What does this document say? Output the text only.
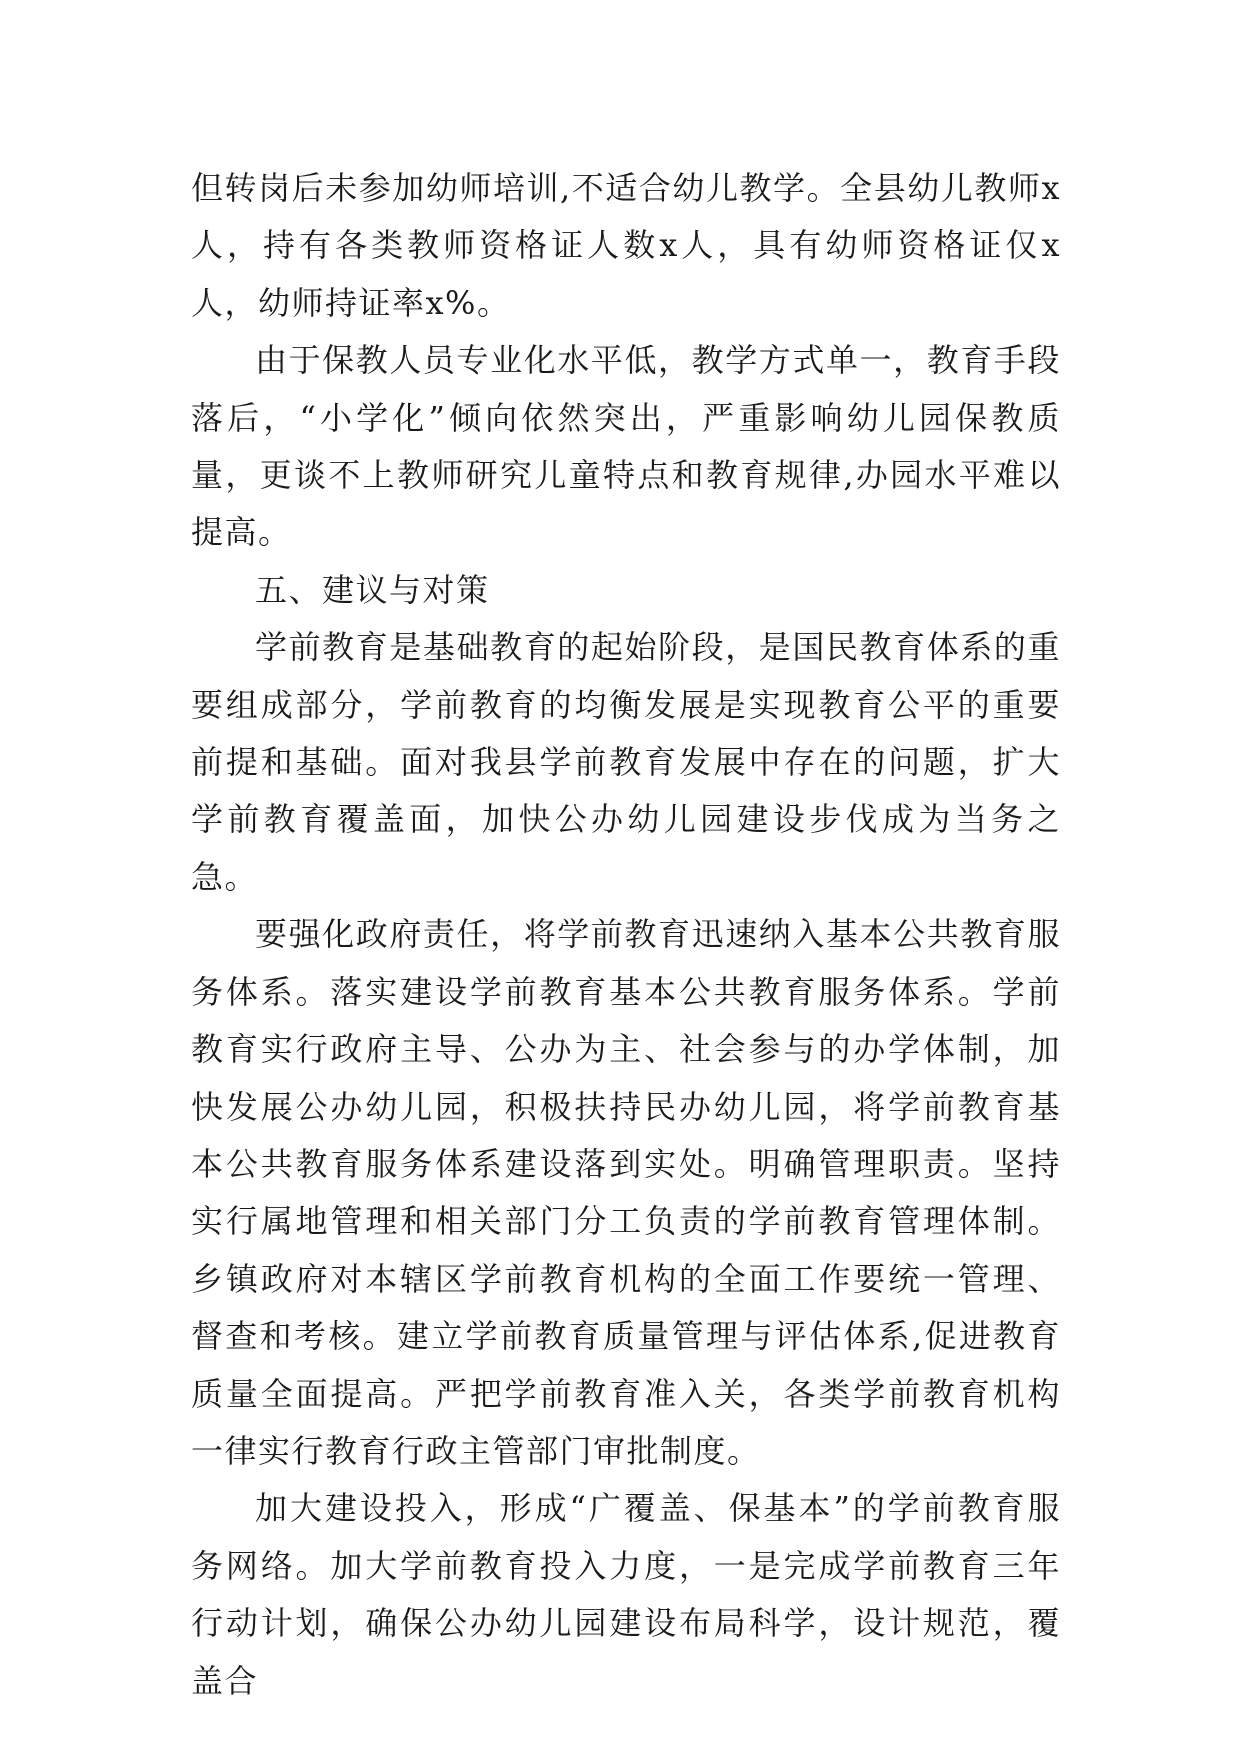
但转岗后未参加幼师培训,不适合幼儿教学。全县幼儿教师x人，持有各类教师资格证人数x人，具有幼师资格证仅x人，幼师持证率x%。

由于保教人员专业化水平低，教学方式单一，教育手段落后，“小学化”倾向依然突出，严重影响幼儿园保教质量，更谈不上教师研究儿童特点和教育规律,办园水平难以提高。

五、建议与对策

学前教育是基础教育的起始阶段，是国民教育体系的重要组成部分，学前教育的均衡发展是实现教育公平的重要前提和基础。面对我县学前教育发展中存在的问题，扩大学前教育覆盖面，加快公办幼儿园建设步伐成为当务之急。

要强化政府责任，将学前教育迅速纳入基本公共教育服务体系。落实建设学前教育基本公共教育服务体系。学前教育实行政府主导、公办为主、社会参与的办学体制，加快发展公办幼儿园，积极扶持民办幼儿园，将学前教育基本公共教育服务体系建设落到实处。明确管理职责。坚持实行属地管理和相关部门分工负责的学前教育管理体制。乡镇政府对本辖区学前教育机构的全面工作要统一管理、督查和考核。建立学前教育质量管理与评估体系,促进教育质量全面提高。严把学前教育准入关，各类学前教育机构一律实行教育行政主管部门审批制度。

加大建设投入，形成“广覆盖、保基本”的学前教育服务网络。加大学前教育投入力度，一是完成学前教育三年行动计划，确保公办幼儿园建设布局科学，设计规范，覆盖合
